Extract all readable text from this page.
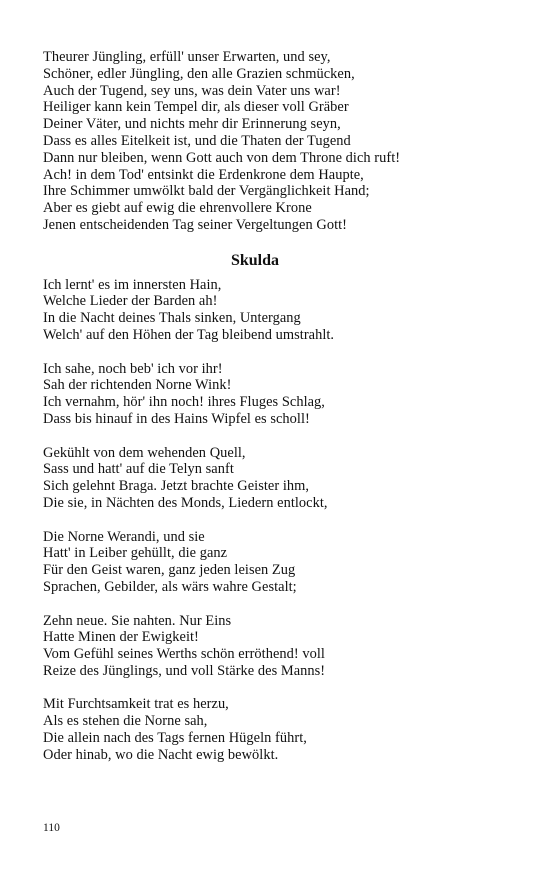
Theurer Jüngling, erfüll' unser Erwarten, und sey,
Schöner, edler Jüngling, den alle Grazien schmücken,
Auch der Tugend, sey uns, was dein Vater uns war!
Heiliger kann kein Tempel dir, als dieser voll Gräber
Deiner Väter, und nichts mehr dir Erinnerung seyn,
Dass es alles Eitelkeit ist, und die Thaten der Tugend
Dann nur bleiben, wenn Gott auch von dem Throne dich ruft!
Ach! in dem Tod' entsinkt die Erdenkrone dem Haupte,
Ihre Schimmer umwölkt bald der Vergänglichkeit Hand;
Aber es giebt auf ewig die ehrenvollere Krone
Jenen entscheidenden Tag seiner Vergeltungen Gott!
Skulda
Ich lernt' es im innersten Hain,
Welche Lieder der Barden ah!
In die Nacht deines Thals sinken, Untergang
Welch' auf den Höhen der Tag bleibend umstrahlt.
Ich sahe, noch beb' ich vor ihr!
Sah der richtenden Norne Wink!
Ich vernahm, hör' ihn noch! ihres Fluges Schlag,
Dass bis hinauf in des Hains Wipfel es scholl!
Gekühlt von dem wehenden Quell,
Sass und hatt' auf die Telyn sanft
Sich gelehnt Braga. Jetzt brachte Geister ihm,
Die sie, in Nächten des Monds, Liedern entlockt,
Die Norne Werandi, und sie
Hatt' in Leiber gehüllt, die ganz
Für den Geist waren, ganz jeden leisen Zug
Sprachen, Gebilder, als wärs wahre Gestalt;
Zehn neue. Sie nahten. Nur Eins
Hatte Minen der Ewigkeit!
Vom Gefühl seines Werths schön erröthend! voll
Reize des Jünglings, und voll Stärke des Manns!
Mit Furchtsamkeit trat es herzu,
Als es stehen die Norne sah,
Die allein nach des Tags fernen Hügeln führt,
Oder hinab, wo die Nacht ewig bewölkt.
110
